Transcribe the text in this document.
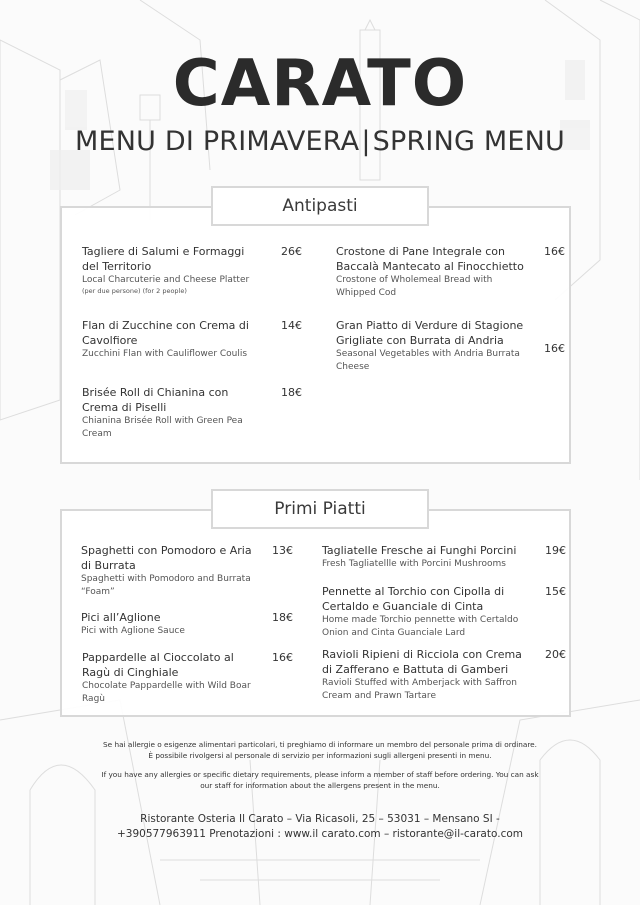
CARATO
MENU DI PRIMAVERA|SPRING MENU
Antipasti
Tagliere di Salumi e Formaggi del Territorio
Local Charcuterie and Cheese Platter
(per due persone) (for 2 people)
26€
Flan di Zucchine con Crema di Cavolfiore
Zucchini Flan with Cauliflower Coulis
14€
Brisée Roll di Chianina con Crema di Piselli
Chianina Brisée Roll with Green Pea Cream
18€
Crostone di Pane Integrale con Baccalà Mantecato al Finocchietto
Crostone of Wholemeal Bread with Whipped Cod
16€
Gran Piatto di Verdure di Stagione Grigliate con Burrata di Andria
Seasonal Vegetables with Andria Burrata Cheese
16€
Primi Piatti
Spaghetti con Pomodoro e Aria di Burrata
Spaghetti with Pomodoro and Burrata “Foam”
13€
Pici all’Aglione
Pici with Aglione Sauce
18€
Pappardelle al Cioccolato al Ragù di Cinghiale
Chocolate Pappardelle with Wild Boar Ragù
16€
Tagliatelle Fresche ai Funghi Porcini
Fresh Tagliatellle with Porcini Mushrooms
19€
Pennette al Torchio con Cipolla di Certaldo e Guanciale di Cinta
Home made Torchio pennette with Certaldo Onion and Cinta Guanciale Lard
15€
Ravioli Ripieni di Ricciola con Crema di Zafferano e Battuta di Gamberi
Ravioli Stuffed with Amberjack with Saffron Cream and Prawn Tartare
20€
Se hai allergie o esigenze alimentari particolari, ti preghiamo di informare un membro del personale prima di ordinare. È possibile rivolgersi al personale di servizio per informazioni sugli allergeni presenti in menu.
If you have any allergies or specific dietary requirements, please inform a member of staff before ordering. You can ask our staff for information about the allergens present in the menu.
Ristorante Osteria Il Carato – Via Ricasoli, 25 – 53031 – Mensano SI -
+390577963911 Prenotazioni : www.il carato.com – ristorante@il-carato.com
